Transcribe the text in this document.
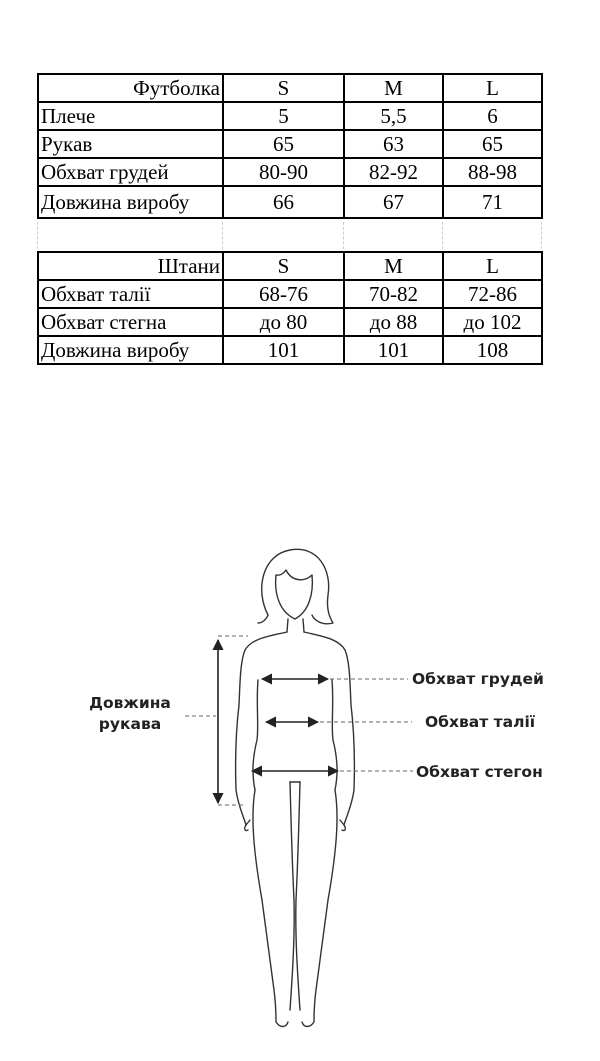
Футболка	S	M	L
Плече	5	5,5	6
Рукав	65	63	65
Обхват грудей	80-90	82-92	88-98
Довжина виробу	66	67	71
Штани	S	M	L
Обхват талії	68-76	70-82	72-86
Обхват стегна	до 80	до 88	до 102
Довжина виробу	101	101	108
Довжина
рукава
Обхват грудей
Обхват талії
Обхват стегон
